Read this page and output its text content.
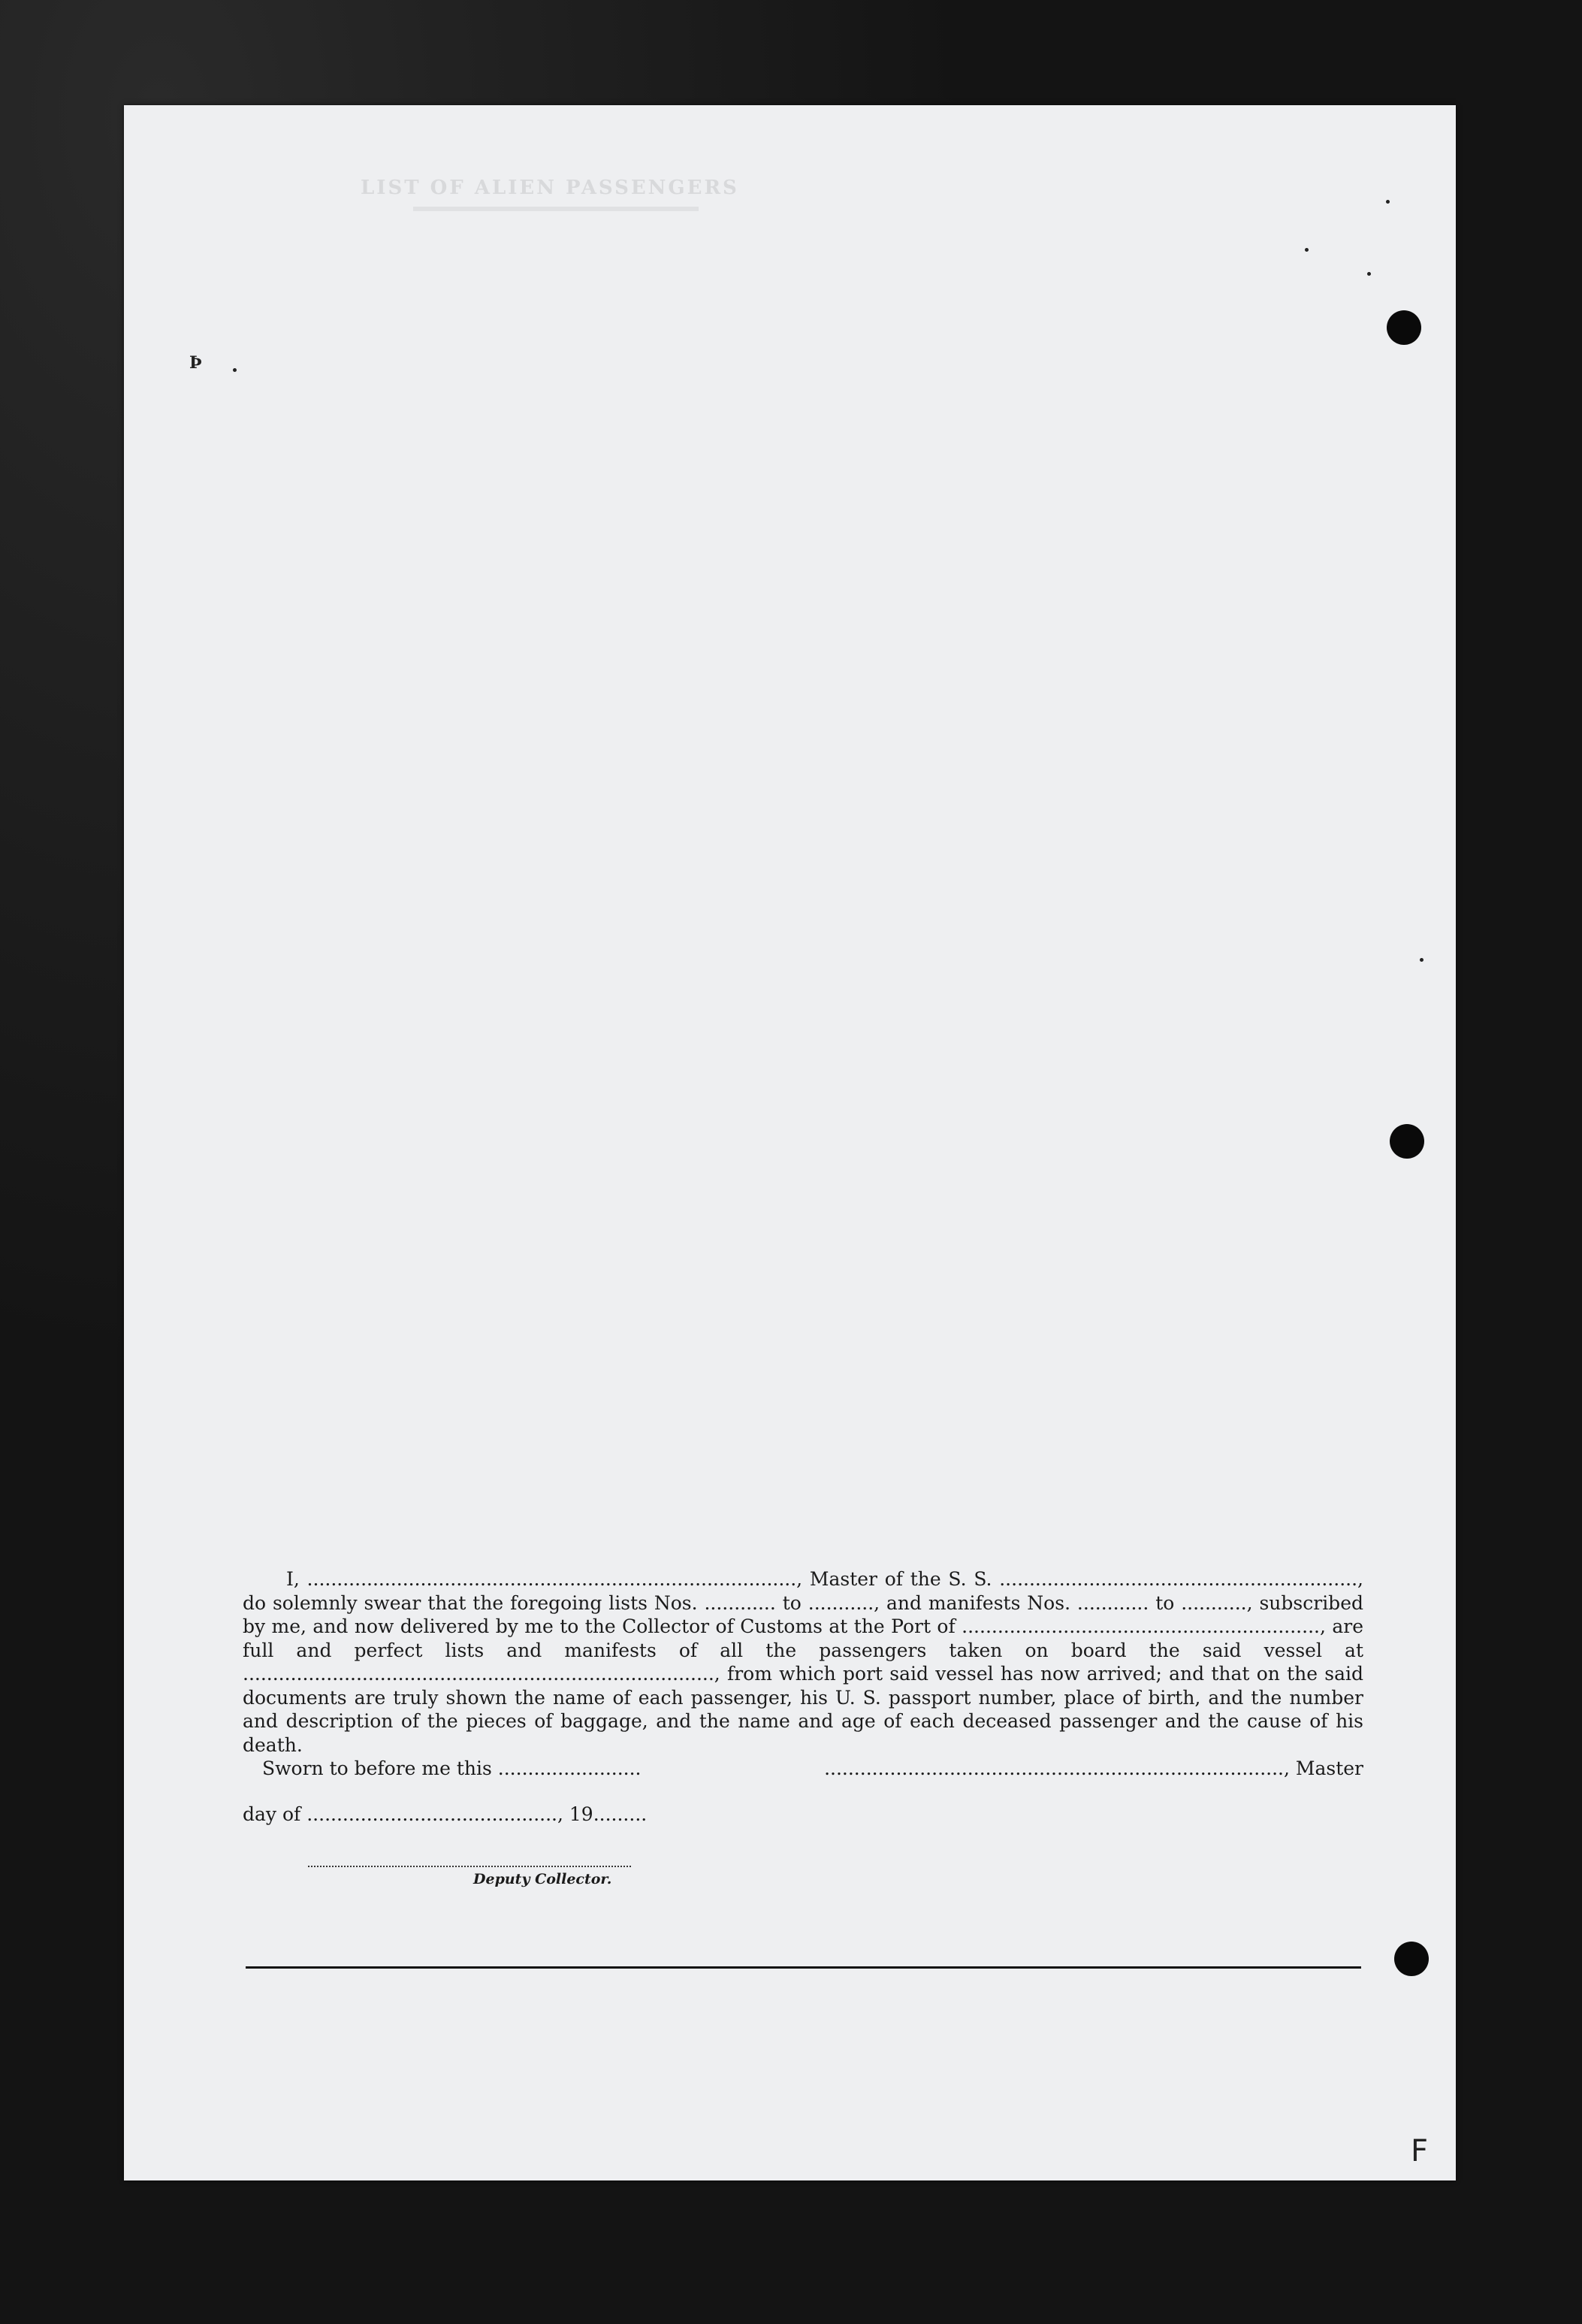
LIST OF ALIEN PASSENGERS
Þ

I, .................................................................................., Master of the S. S. ............................................................, do solemnly swear that the foregoing lists Nos. ............ to ..........., and manifests Nos. ............ to ..........., subscribed by me, and now delivered by me to the Collector of Customs at the Port of ............................................................, are full and perfect lists and manifests of all the passengers taken on board the said vessel at ..............................................................................., from which port said vessel has now arrived; and that on the said documents are truly shown the name of each passenger, his U. S. passport number, place of birth, and the number and description of the pieces of baggage, and the name and age of each deceased passenger and the cause of his death.

Sworn to before me this ........................	............................................................................., Master
day of .........................................., 19.........
Deputy Collector.
F
